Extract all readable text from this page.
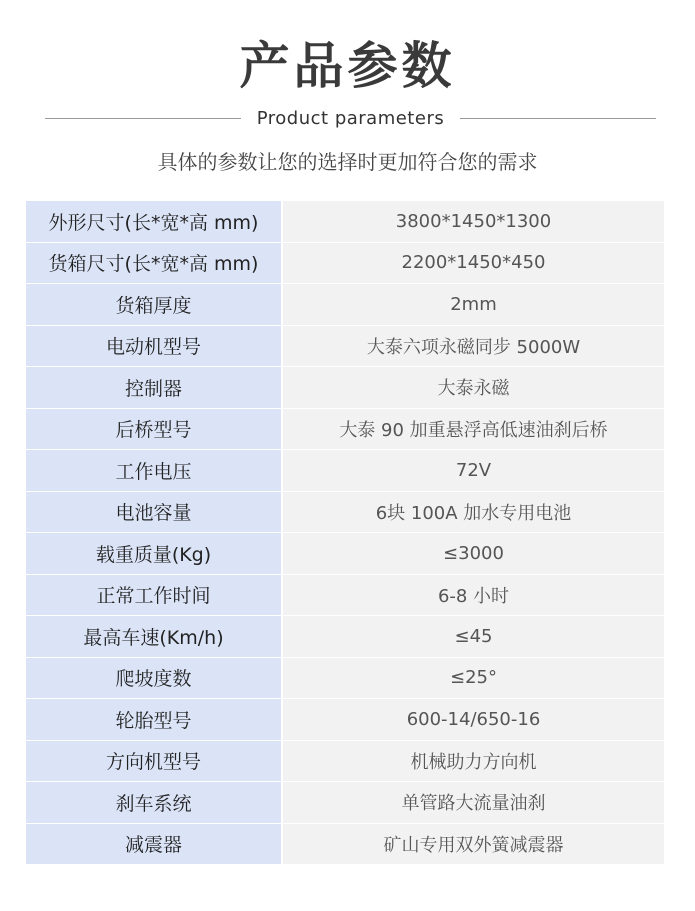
产品参数
Product parameters
具体的参数让您的选择时更加符合您的需求
外形尺寸(长*宽*高 mm)	3800*1450*1300
货箱尺寸(长*宽*高 mm)	2200*1450*450
货箱厚度	2mm
电动机型号	大泰六项永磁同步 5000W
控制器	大泰永磁
后桥型号	大泰 90 加重悬浮高低速油刹后桥
工作电压	72V
电池容量	6块 100A 加水专用电池
载重质量(Kg)	≤3000
正常工作时间	6-8 小时
最高车速(Km/h)	≤45
爬坡度数	≤25°
轮胎型号	600-14/650-16
方向机型号	机械助力方向机
刹车系统	单管路大流量油刹
减震器	矿山专用双外簧减震器
